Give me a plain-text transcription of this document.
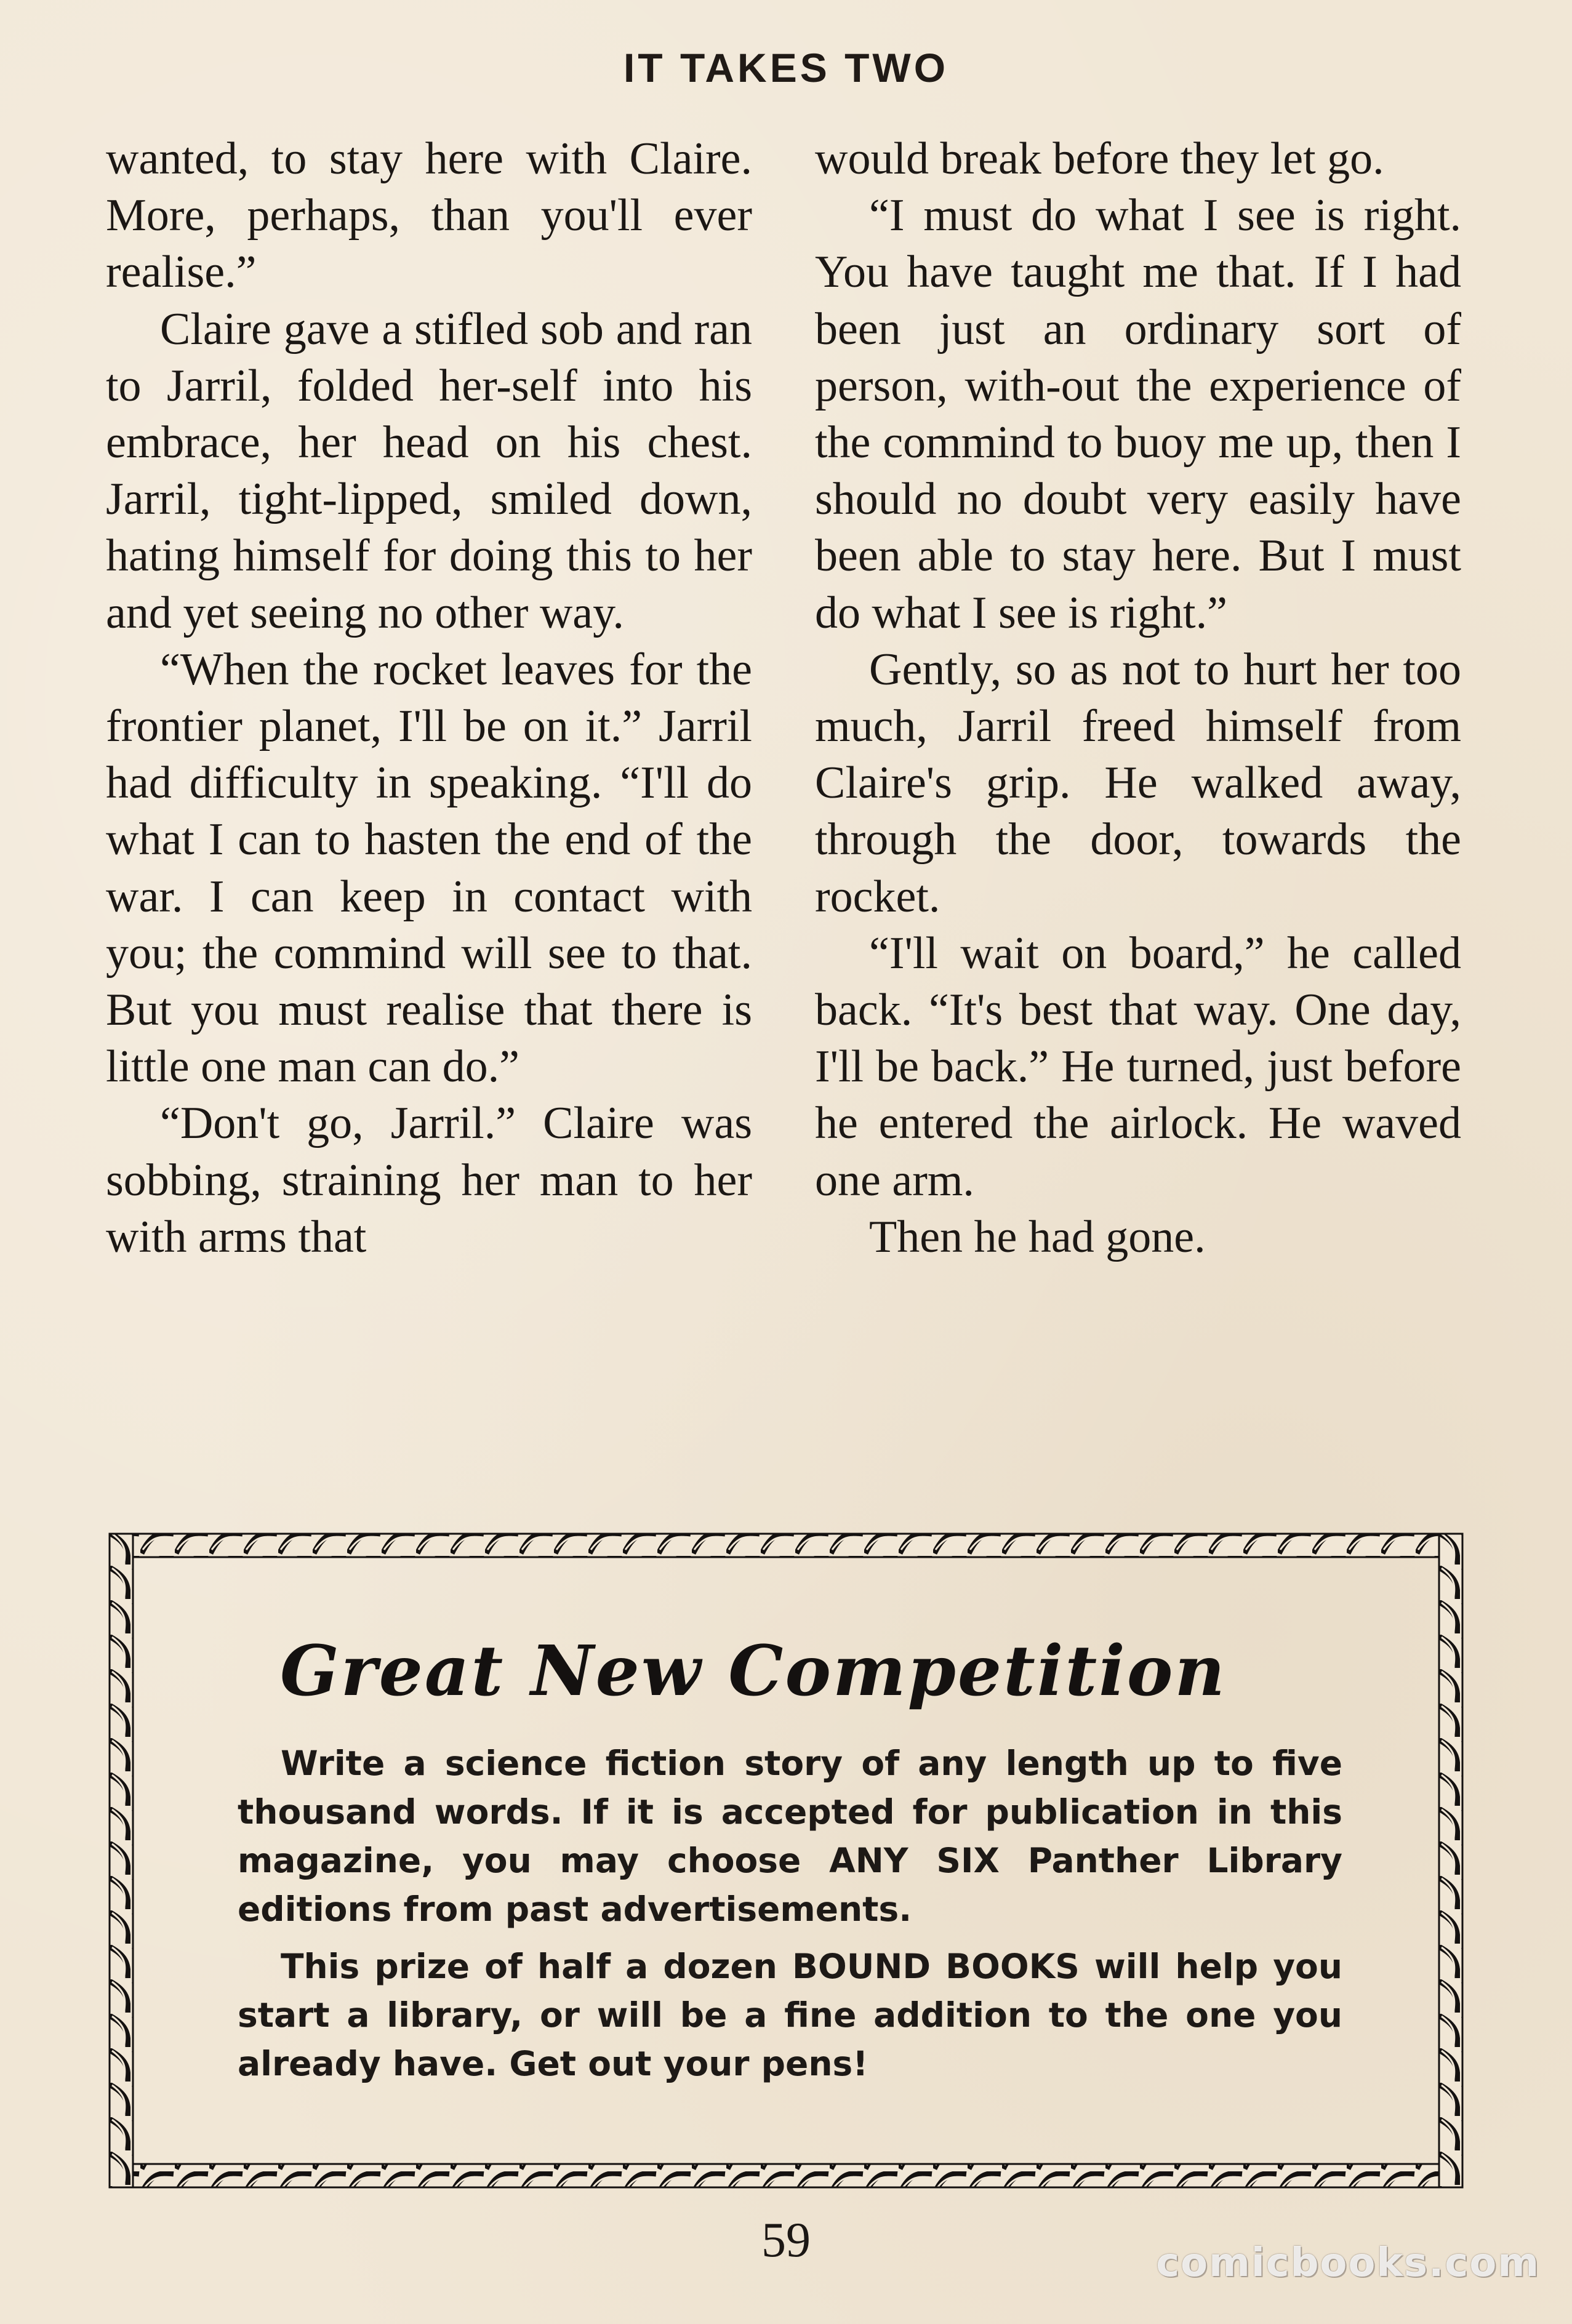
IT TAKES TWO

wanted, to stay here with Claire. More, perhaps, than you'll ever realise.”

Claire gave a stifled sob and ran to Jarril, folded her-self into his embrace, her head on his chest. Jarril, tight-lipped, smiled down, hating himself for doing this to her and yet seeing no other way.

“When the rocket leaves for the frontier planet, I'll be on it.” Jarril had difficulty in speaking. “I'll do what I can to hasten the end of the war. I can keep in contact with you; the commind will see to that. But you must realise that there is little one man can do.”

“Don't go, Jarril.” Claire was sobbing, straining her man to her with arms that

would break before they let go.

“I must do what I see is right. You have taught me that. If I had been just an ordinary sort of person, with-out the experience of the commind to buoy me up, then I should no doubt very easily have been able to stay here. But I must do what I see is right.”

Gently, so as not to hurt her too much, Jarril freed himself from Claire's grip. He walked away, through the door, towards the rocket.

“I'll wait on board,” he called back. “It's best that way. One day, I'll be back.” He turned, just before he entered the airlock. He waved one arm.

Then he had gone.

Great New Competition

Write a science fiction story of any length up to five thousand words. If it is accepted for publication in this magazine, you may choose ANY SIX Panther Library editions from past advertisements.

This prize of half a dozen BOUND BOOKS will help you start a library, or will be a fine addition to the one you already have. Get out your pens!

59	comicbooks.com
